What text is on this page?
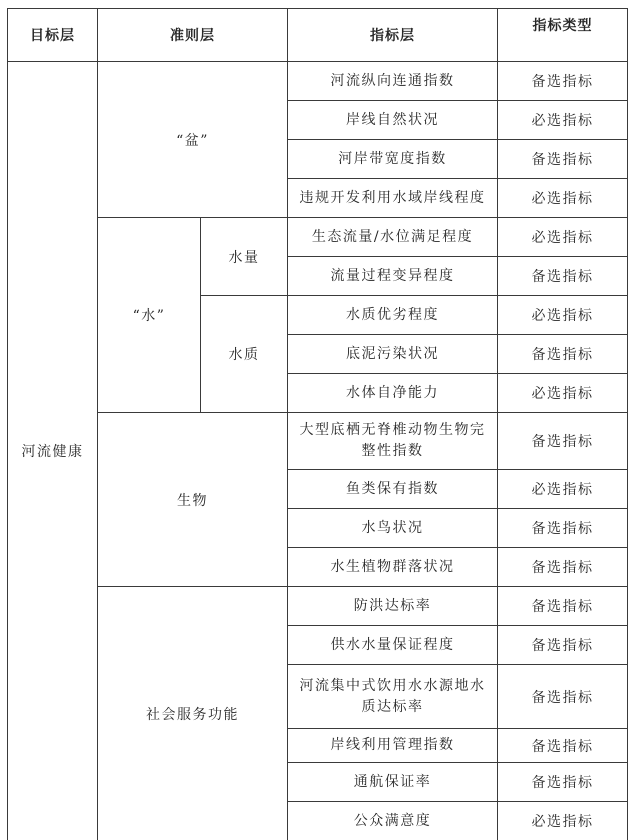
目标层	准则层		指标层	指标类型
河流健康	“盆”		河流纵向连通指数	备选指标
			岸线自然状况	必选指标
			河岸带宽度指数	备选指标
			违规开发利用水域岸线程度	必选指标
	“水”	水量	生态流量/水位满足程度	必选指标
			流量过程变异程度	备选指标
		水质	水质优劣程度	必选指标
			底泥污染状况	备选指标
			水体自净能力	必选指标
	生物		大型底栖无脊椎动物生物完整性指数	备选指标
			鱼类保有指数	必选指标
			水鸟状况	备选指标
			水生植物群落状况	备选指标
	社会服务功能		防洪达标率	备选指标
			供水水量保证程度	备选指标
			河流集中式饮用水水源地水质达标率	备选指标
			岸线利用管理指数	备选指标
			通航保证率	备选指标
			公众满意度	必选指标
